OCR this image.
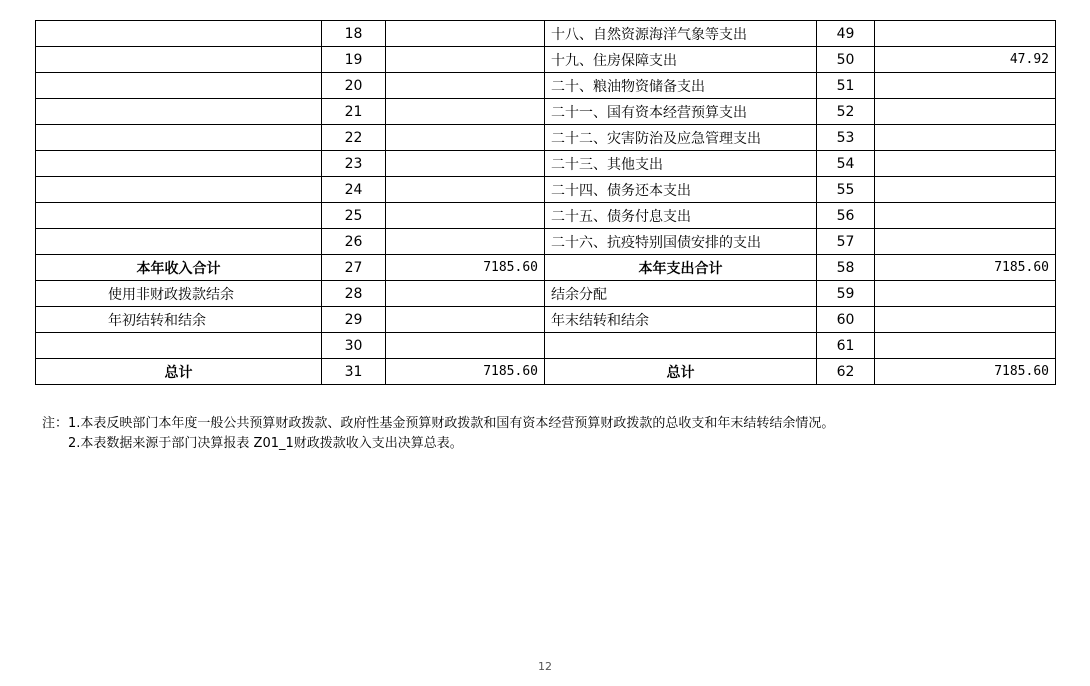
	18		十八、自然资源海洋气象等支出	49	
	19		十九、住房保障支出	50	47.92
	20		二十、粮油物资储备支出	51	
	21		二十一、国有资本经营预算支出	52	
	22		二十二、灾害防治及应急管理支出	53	
	23		二十三、其他支出	54	
	24		二十四、债务还本支出	55	
	25		二十五、债务付息支出	56	
	26		二十六、抗疫特别国债安排的支出	57	
本年收入合计	27	7185.60	本年支出合计	58	7185.60
使用非财政拨款结余	28		结余分配	59	
年初结转和结余	29		年末结转和结余	60	
	30			61	
总计	31	7185.60	总计	62	7185.60
注：1.本表反映部门本年度一般公共预算财政拨款、政府性基金预算财政拨款和国有资本经营预算财政拨款的总收支和年末结转结余情况。
2.本表数据来源于部门决算报表 Z01_1财政拨款收入支出决算总表。
12
